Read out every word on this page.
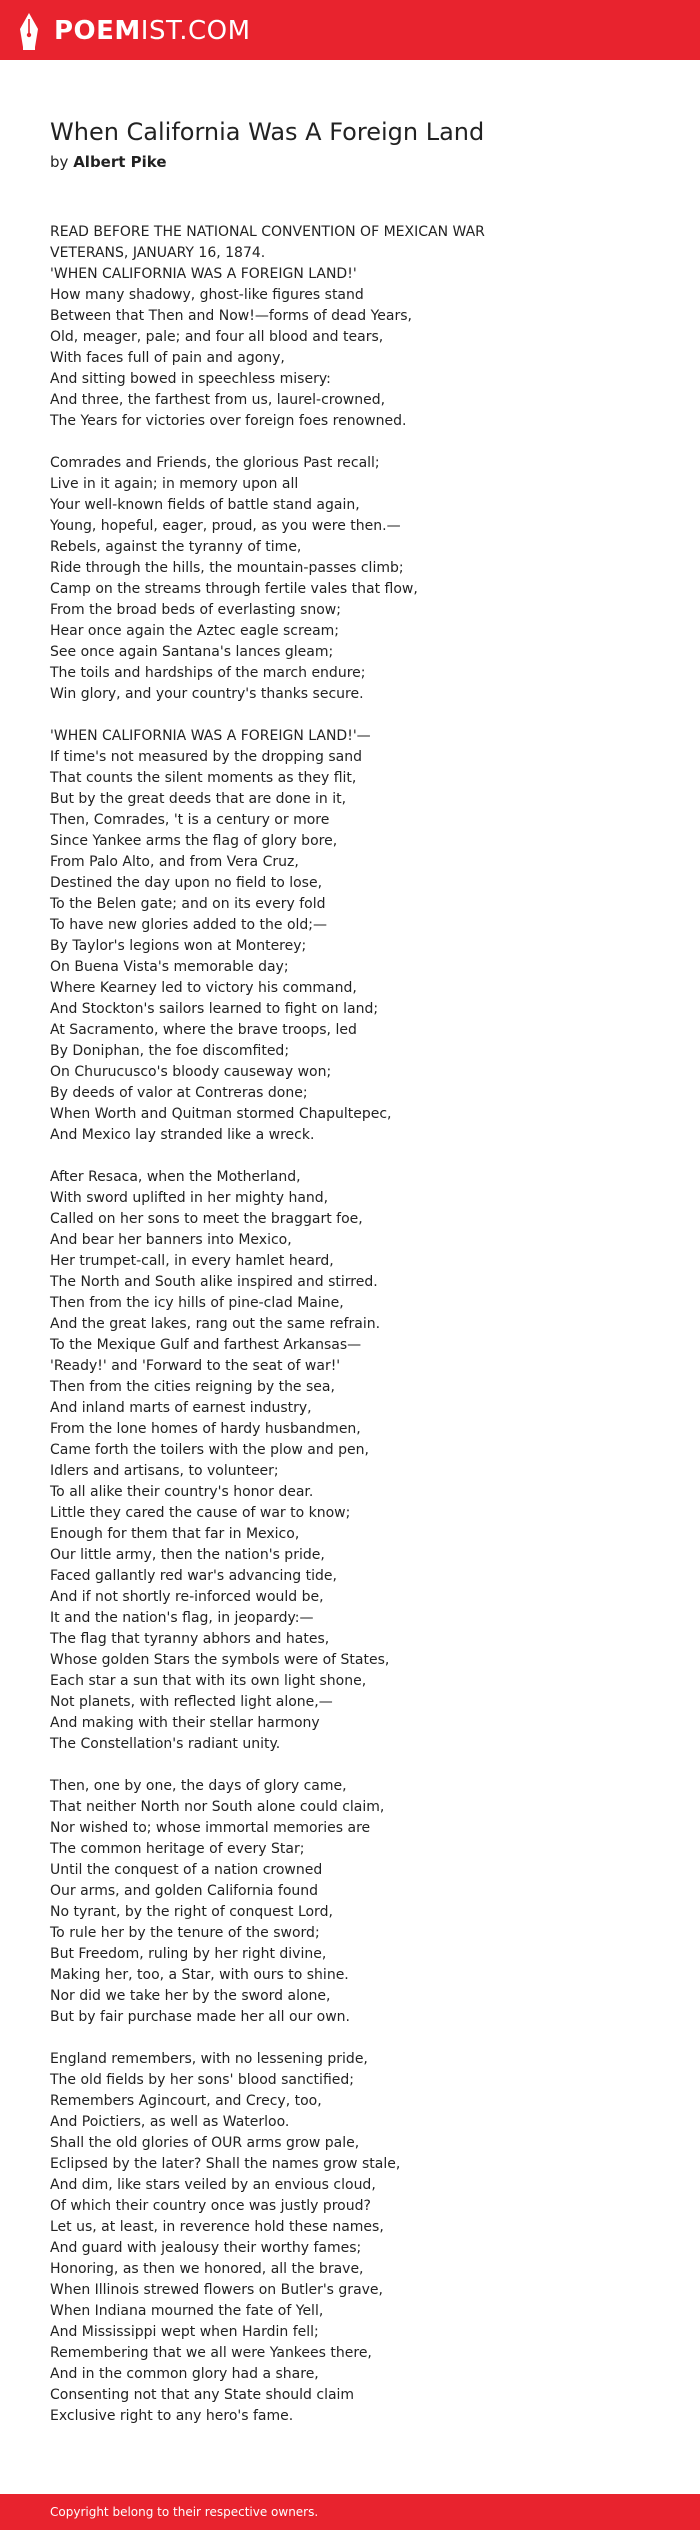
POEMIST.COM
When California Was A Foreign Land
by Albert Pike
READ BEFORE THE NATIONAL CONVENTION OF MEXICAN WAR
VETERANS, JANUARY 16, 1874.
'WHEN CALIFORNIA WAS A FOREIGN LAND!'
How many shadowy, ghost-like figures stand
Between that Then and Now!—forms of dead Years,
Old, meager, pale; and four all blood and tears,
With faces full of pain and agony,
And sitting bowed in speechless misery:
And three, the farthest from us, laurel-crowned,
The Years for victories over foreign foes renowned.
Comrades and Friends, the glorious Past recall;
Live in it again; in memory upon all
Your well-known fields of battle stand again,
Young, hopeful, eager, proud, as you were then.—
Rebels, against the tyranny of time,
Ride through the hills, the mountain-passes climb;
Camp on the streams through fertile vales that flow,
From the broad beds of everlasting snow;
Hear once again the Aztec eagle scream;
See once again Santana's lances gleam;
The toils and hardships of the march endure;
Win glory, and your country's thanks secure.
'WHEN CALIFORNIA WAS A FOREIGN LAND!'—
If time's not measured by the dropping sand
That counts the silent moments as they flit,
But by the great deeds that are done in it,
Then, Comrades, 't is a century or more
Since Yankee arms the flag of glory bore,
From Palo Alto, and from Vera Cruz,
Destined the day upon no field to lose,
To the Belen gate; and on its every fold
To have new glories added to the old;—
By Taylor's legions won at Monterey;
On Buena Vista's memorable day;
Where Kearney led to victory his command,
And Stockton's sailors learned to fight on land;
At Sacramento, where the brave troops, led
By Doniphan, the foe discomfited;
On Churucusco's bloody causeway won;
By deeds of valor at Contreras done;
When Worth and Quitman stormed Chapultepec,
And Mexico lay stranded like a wreck.
After Resaca, when the Motherland,
With sword uplifted in her mighty hand,
Called on her sons to meet the braggart foe,
And bear her banners into Mexico,
Her trumpet-call, in every hamlet heard,
The North and South alike inspired and stirred.
Then from the icy hills of pine-clad Maine,
And the great lakes, rang out the same refrain.
To the Mexique Gulf and farthest Arkansas—
'Ready!' and 'Forward to the seat of war!'
Then from the cities reigning by the sea,
And inland marts of earnest industry,
From the lone homes of hardy husbandmen,
Came forth the toilers with the plow and pen,
Idlers and artisans, to volunteer;
To all alike their country's honor dear.
Little they cared the cause of war to know;
Enough for them that far in Mexico,
Our little army, then the nation's pride,
Faced gallantly red war's advancing tide,
And if not shortly re-inforced would be,
It and the nation's flag, in jeopardy:—
The flag that tyranny abhors and hates,
Whose golden Stars the symbols were of States,
Each star a sun that with its own light shone,
Not planets, with reflected light alone,—
And making with their stellar harmony
The Constellation's radiant unity.
Then, one by one, the days of glory came,
That neither North nor South alone could claim,
Nor wished to; whose immortal memories are
The common heritage of every Star;
Until the conquest of a nation crowned
Our arms, and golden California found
No tyrant, by the right of conquest Lord,
To rule her by the tenure of the sword;
But Freedom, ruling by her right divine,
Making her, too, a Star, with ours to shine.
Nor did we take her by the sword alone,
But by fair purchase made her all our own.
England remembers, with no lessening pride,
The old fields by her sons' blood sanctified;
Remembers Agincourt, and Crecy, too,
And Poictiers, as well as Waterloo.
Shall the old glories of OUR arms grow pale,
Eclipsed by the later? Shall the names grow stale,
And dim, like stars veiled by an envious cloud,
Of which their country once was justly proud?
Let us, at least, in reverence hold these names,
And guard with jealousy their worthy fames;
Honoring, as then we honored, all the brave,
When Illinois strewed flowers on Butler's grave,
When Indiana mourned the fate of Yell,
And Mississippi wept when Hardin fell;
Remembering that we all were Yankees there,
And in the common glory had a share,
Consenting not that any State should claim
Exclusive right to any hero's fame.
Copyright belong to their respective owners.
